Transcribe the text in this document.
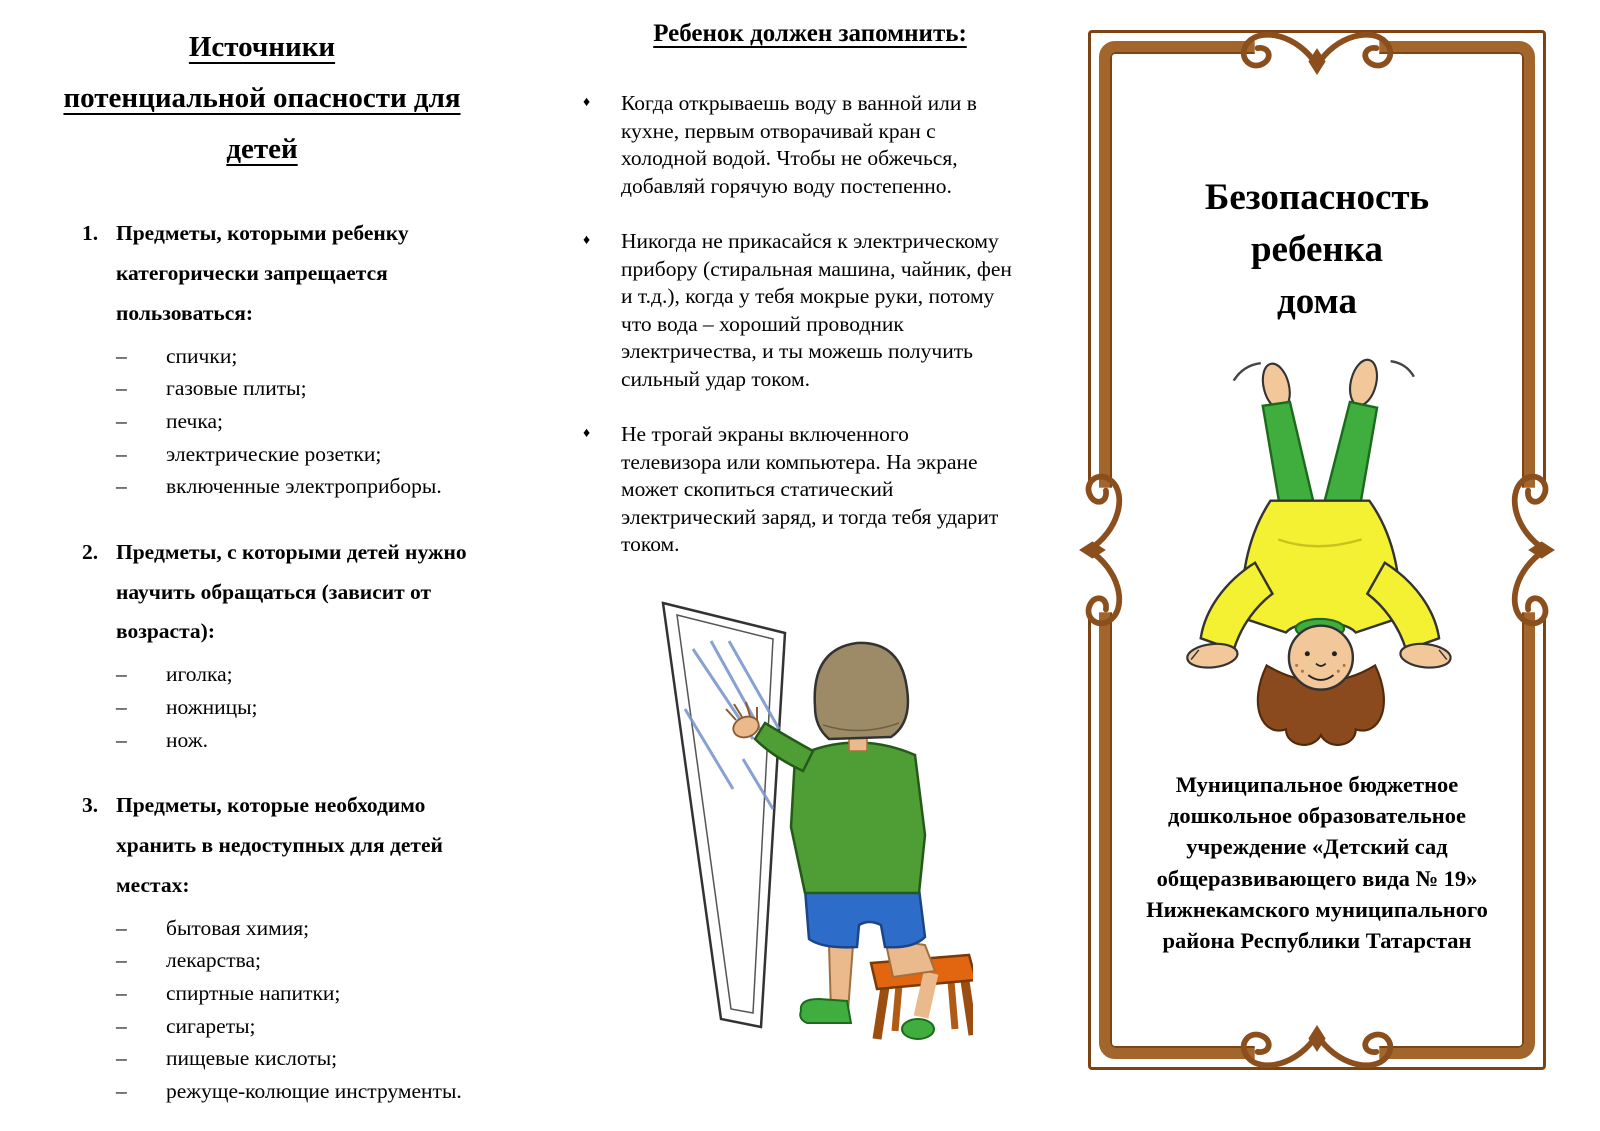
Источники
потенциальной опасности для
детей
1. Предметы, которыми ребенку категорически запрещается пользоваться:
–	спички;
–	газовые плиты;
–	печка;
–	электрические розетки;
–	включенные электроприборы.
2. Предметы, с которыми детей нужно научить обращаться (зависит от возраста):
–	иголка;
–	ножницы;
–	нож.
3. Предметы, которые необходимо хранить в недоступных для детей местах:
–	бытовая химия;
–	лекарства;
–	спиртные напитки;
–	сигареты;
–	пищевые кислоты;
–	режуще-колющие инструменты.
Ребенок должен запомнить:
♦	Когда открываешь воду в ванной или в кухне, первым отворачивай кран с холодной водой. Чтобы не обжечься, добавляй горячую воду постепенно.
♦	Никогда не прикасайся к электрическому прибору (стиральная машина, чайник, фен и т.д.), когда у тебя мокрые руки, потому что вода – хороший проводник электричества, и ты можешь получить сильный удар током.
♦	Не трогай экраны включенного телевизора или компьютера. На экране может скопиться статический электрический заряд, и тогда тебя ударит током.
Безопасность
ребенка
дома
Муниципальное бюджетное
дошкольное образовательное
учреждение «Детский сад
общеразвивающего вида № 19»
Нижнекамского муниципального
района Республики Татарстан
